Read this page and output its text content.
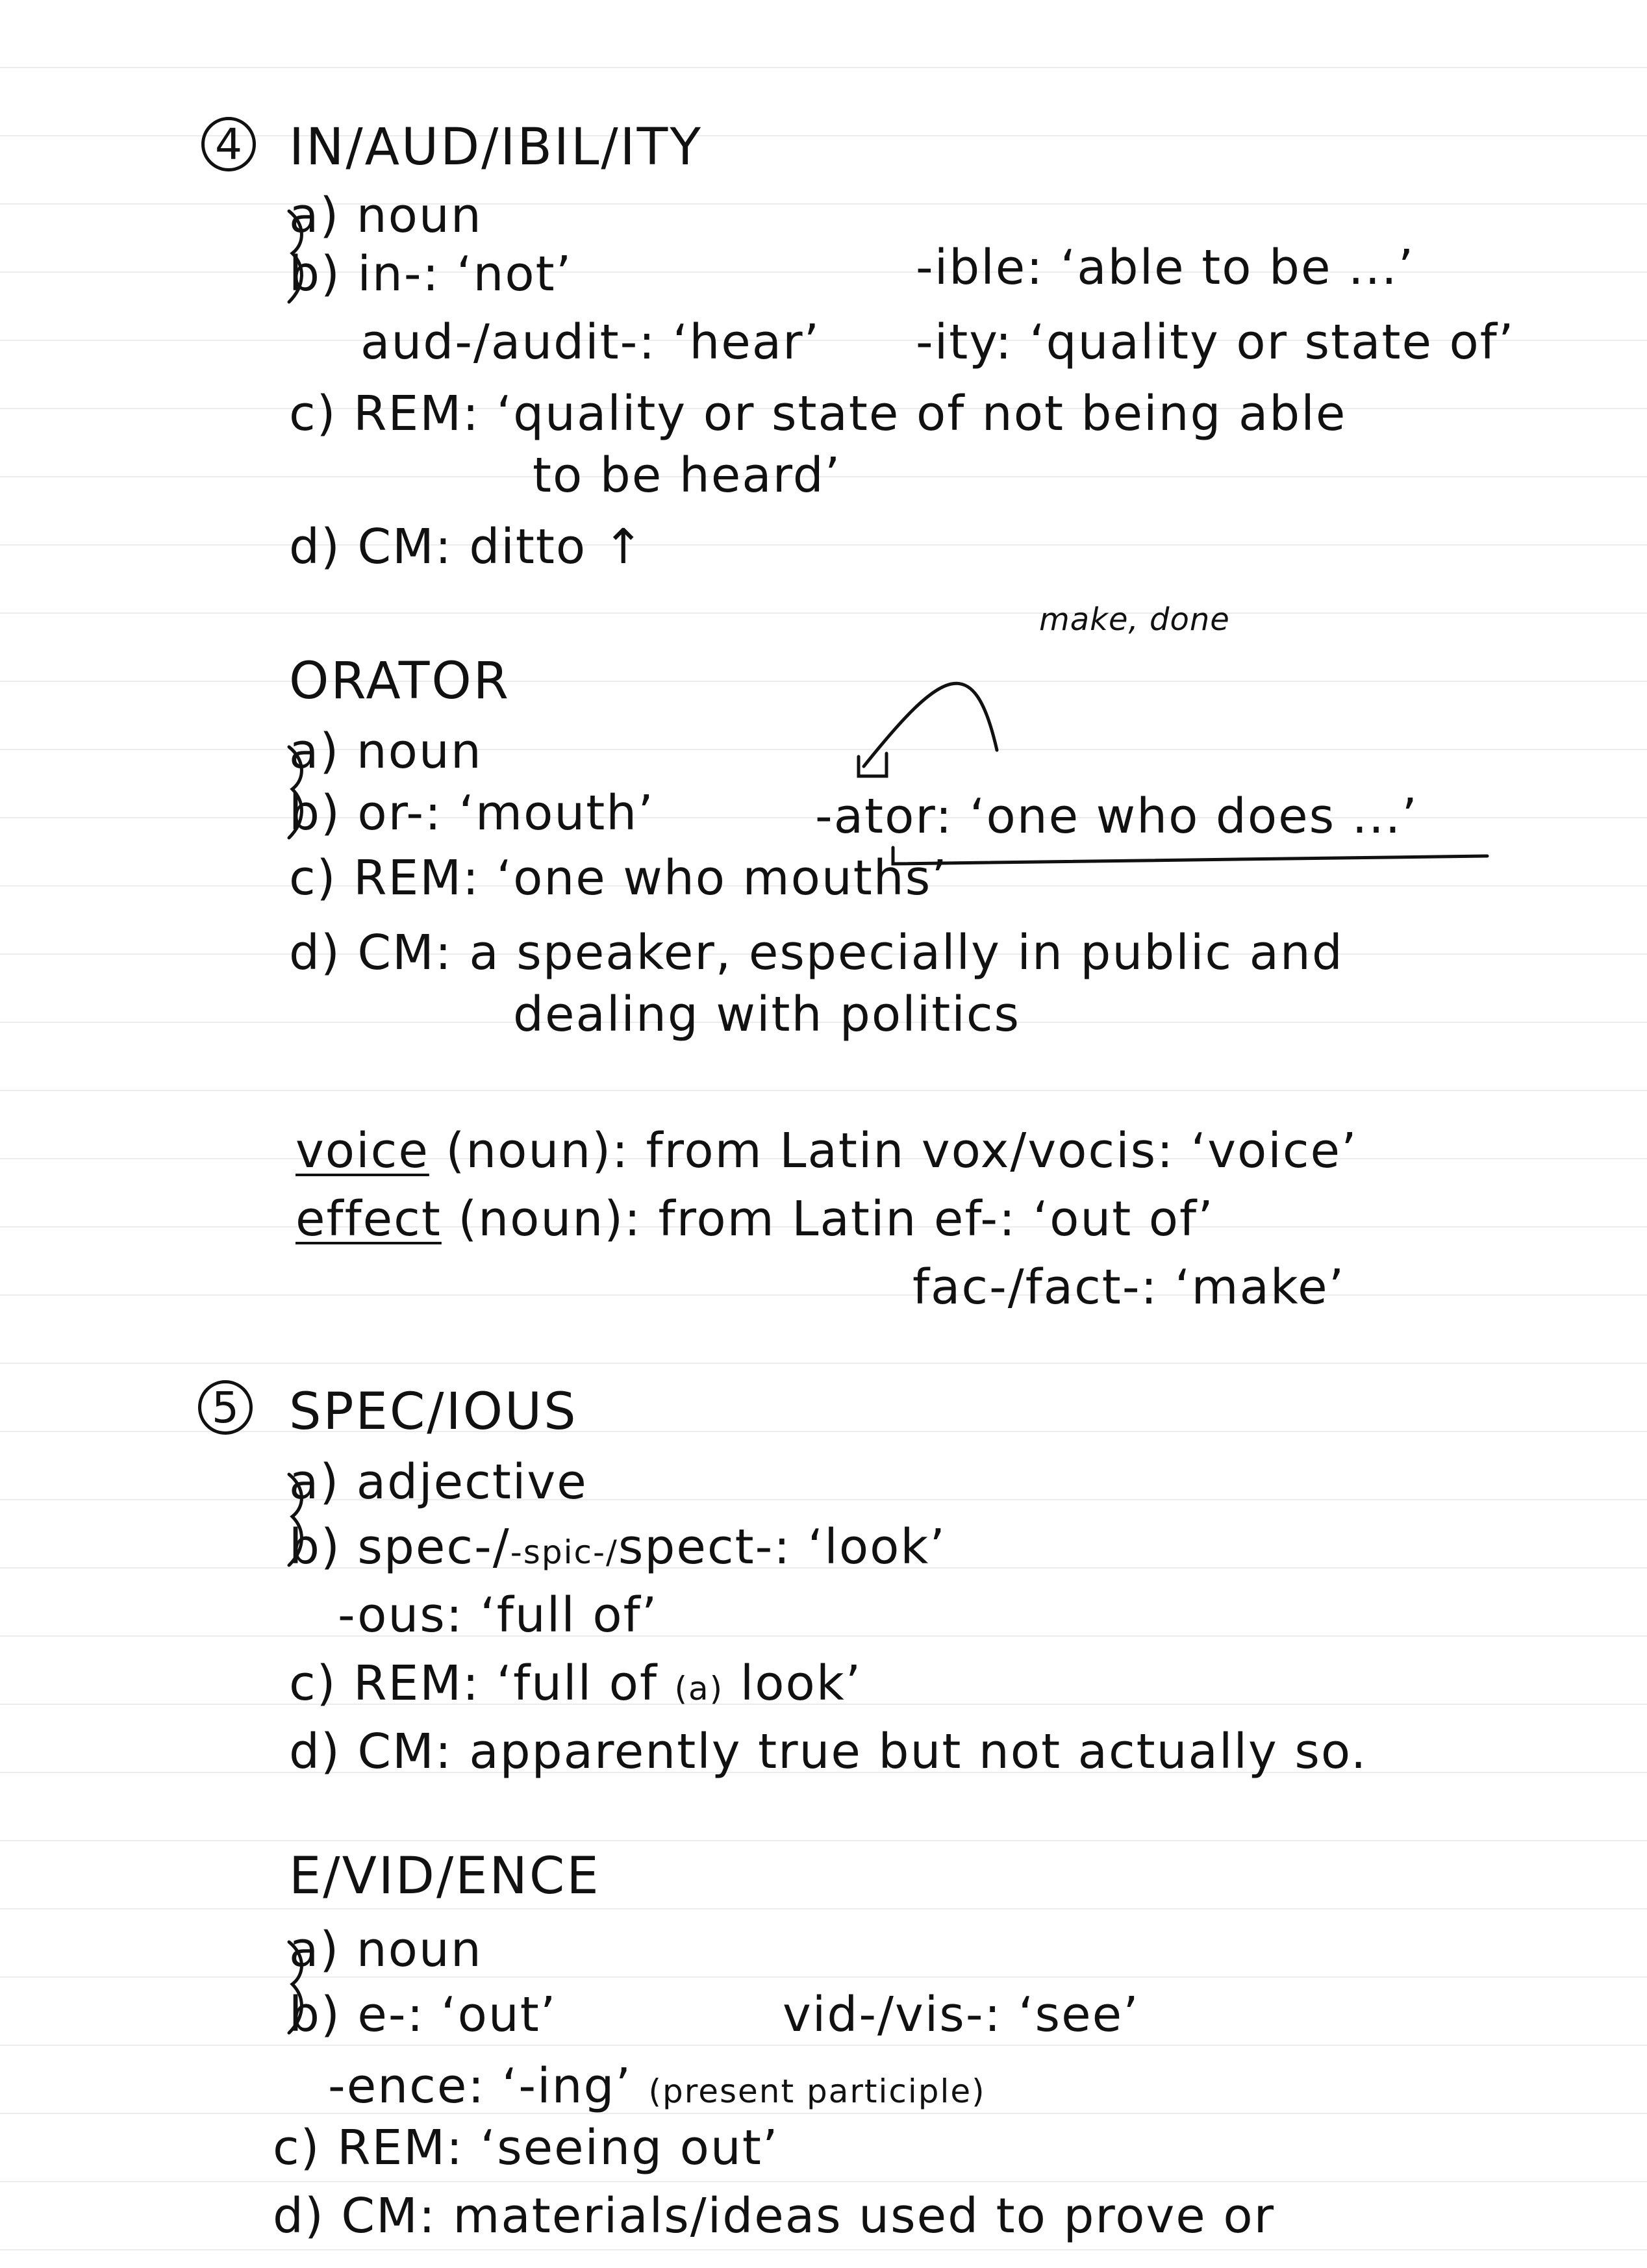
4 IN/AUD/IBIL/ITY
a) noun
b) in-: ‘not’	-ible: ‘able to be ...’
aud-/audit-: ‘hear’ -ity: ‘quality or state of’
c) REM: ‘quality or state of not being able
to be heard’
d) CM: ditto ↑
make, done
ORATOR
a) noun
b) or-: ‘mouth’	-ator: ‘one who does ...’
c) REM: ‘one who mouths’
d) CM: a speaker, especially in public and
dealing with politics
voice (noun): from Latin vox/vocis: ‘voice’
effect (noun): from Latin ef-: ‘out of’
fac-/fact-: ‘make’
5 SPEC/IOUS
a) adjective
b) spec-/-spic-/spect-: ‘look’
-ous: ‘full of’
c) REM: ‘full of (a) look’
d) CM: apparently true but not actually so.
E/VID/ENCE
a) noun
b) e-: ‘out’	vid-/vis-: ‘see’
-ence: ‘-ing’ (present participle)
c) REM: ‘seeing out’
d) CM: materials/ideas used to prove or
